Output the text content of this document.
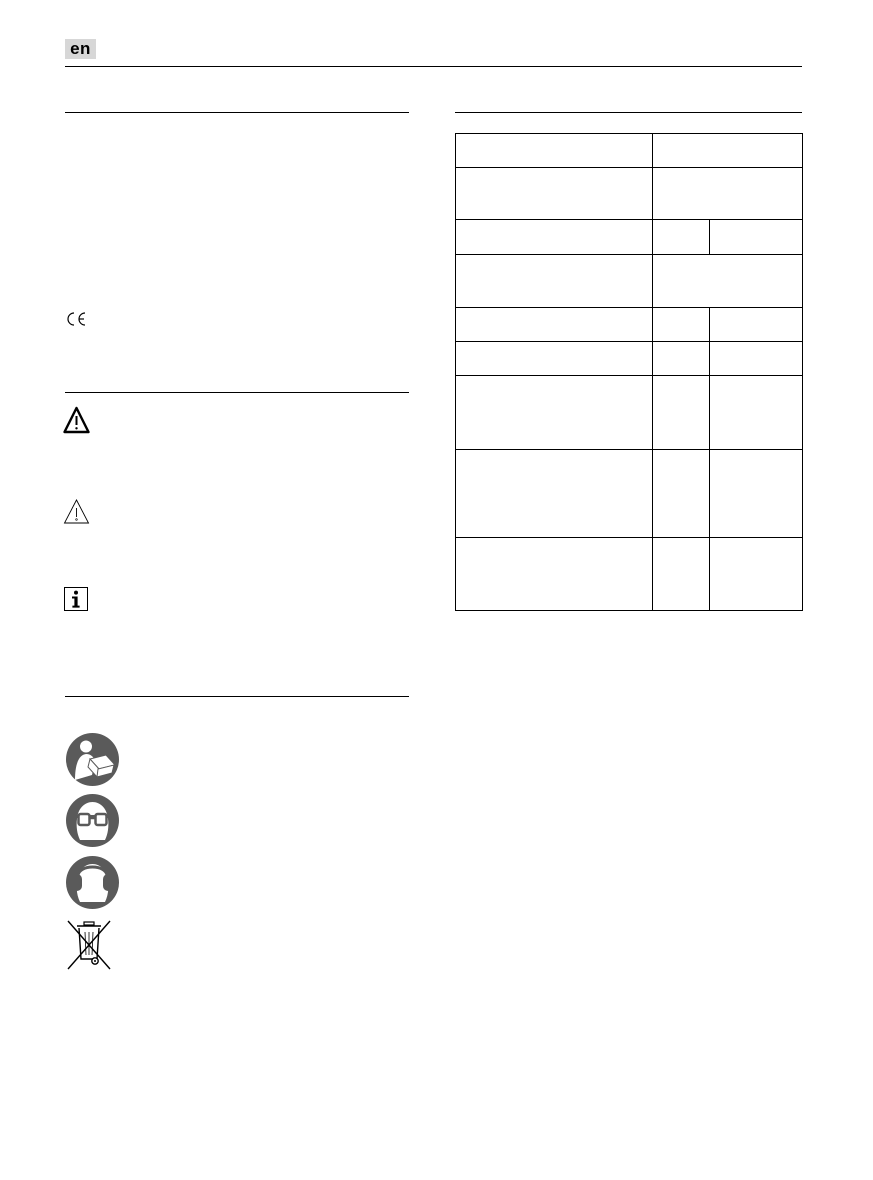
en
